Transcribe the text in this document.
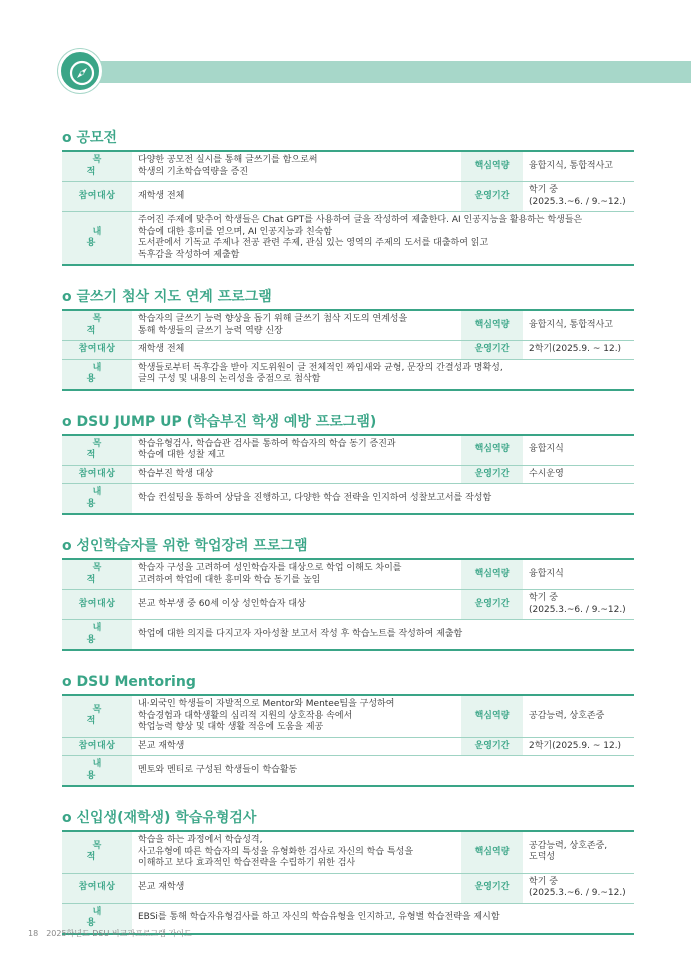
o 공모전
목 적	다양한 공모전 실시를 통해 글쓰기를 함으로써
학생의 기초학습역량을 증진	핵심역량	융합지식, 통합적사고

참여대상	재학생 전체	운영기간	학기 중
(2025.3.~6. / 9.~12.)

내 용	주어진 주제에 맞추어 학생들은 Chat GPT를 사용하여 글을 작성하여 제출한다. AI 인공지능을 활용하는 학생들은
학습에 대한 흥미를 얻으며, AI 인공지능과 친숙함
도서관에서 기독교 주제나 전공 관련 주제, 관심 있는 영역의 주제의 도서를 대출하여 읽고
독후감을 작성하여 제출함		
o 글쓰기 첨삭 지도 연계 프로그램
목 적	학습자의 글쓰기 능력 향상을 돕기 위해 글쓰기 첨삭 지도의 연계성을
통해 학생들의 글쓰기 능력 역량 신장	핵심역량	융합지식, 통합적사고

참여대상	재학생 전체	운영기간	2학기(2025.9. ~ 12.)

내 용	학생들로부터 독후감을 받아 지도위원이 글 전체적인 짜임새와 균형, 문장의 간결성과 명확성,
글의 구성 및 내용의 논리성을 중점으로 첨삭함		
o DSU JUMP UP (학습부진 학생 예방 프로그램)
목 적	학습유형검사, 학습습관 검사를 통하여 학습자의 학습 동기 증진과
학습에 대한 성찰 제고	핵심역량	융합지식

참여대상	학습부진 학생 대상	운영기간	수시운영

내 용	학습 컨설팅을 통하여 상담을 진행하고, 다양한 학습 전략을 인지하여 성찰보고서를 작성함		
o 성인학습자를 위한 학업장려 프로그램
목 적	학습자 구성을 고려하여 성인학습자를 대상으로 학업 이해도 차이를
고려하여 학업에 대한 흥미와 학습 동기를 높임	핵심역량	융합지식

참여대상	본교 학부생 중 60세 이상 성인학습자 대상	운영기간	학기 중
(2025.3.~6. / 9.~12.)

내 용	학업에 대한 의지를 다지고자 자아성찰 보고서 작성 후 학습노트를 작성하여 제출함		
o DSU Mentoring
목 적	내·외국인 학생들이 자발적으로 Mentor와 Mentee팀을 구성하여
학습경험과 대학생활의 심리적 지원의 상호작용 속에서
학업능력 향상 및 대학 생활 적응에 도움을 제공	핵심역량	공감능력, 상호존중

참여대상	본교 재학생	운영기간	2학기(2025.9. ~ 12.)

내 용	멘토와 멘티로 구성된 학생들이 학습활동		
o 신입생(재학생) 학습유형검사
목 적	학습을 하는 과정에서 학습성격,
사고유형에 따른 학습자의 특성을 유형화한 검사로 자신의 학습 특성을
이해하고 보다 효과적인 학습전략을 수립하기 위한 검사	핵심역량	공감능력, 상호존중,
도덕성

참여대상	본교 재학생	운영기간	학기 중
(2025.3.~6. / 9.~12.)

내 용	EBSi를 통해 학습자유형검사를 하고 자신의 학습유형을 인지하고, 유형별 학습전략을 제시함		
18 2025학년도 DSU 비교과프로그램 가이드
